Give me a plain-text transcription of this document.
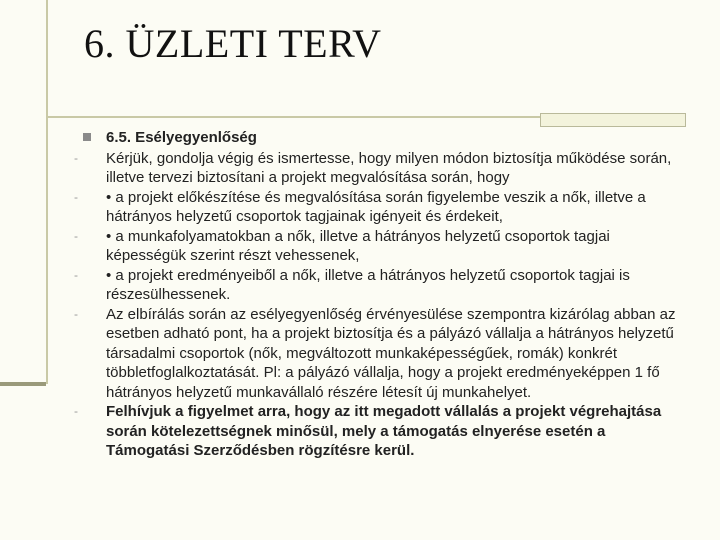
6. ÜZLETI TERV
6.5. Esélyegyenlőség
-	Kérjük, gondolja végig és ismertesse, hogy milyen módon biztosítja működése során, illetve tervezi biztosítani a projekt megvalósítása során, hogy
-	• a projekt előkészítése és megvalósítása során figyelembe veszik a nők, illetve a hátrányos helyzetű csoportok tagjainak igényeit és érdekeit,
-	• a munkafolyamatokban a nők, illetve a hátrányos helyzetű csoportok tagjai képességük szerint részt vehessenek,
-	• a projekt eredményeiből a nők, illetve a hátrányos helyzetű csoportok tagjai is részesülhessenek.
-	Az elbírálás során az esélyegyenlőség érvényesülése szempontra kizárólag abban az esetben adható pont, ha a projekt biztosítja és a pályázó vállalja a hátrányos helyzetű társadalmi csoportok (nők, megváltozott munkaképességűek, romák) konkrét többletfoglalkoztatását. Pl: a pályázó vállalja, hogy a projekt eredményeképpen 1 fő hátrányos helyzetű munkavállaló részére létesít új munkahelyet.
-	Felhívjuk a figyelmet arra, hogy az itt megadott vállalás a projekt végrehajtása során kötelezettségnek minősül, mely a támogatás elnyerése esetén a Támogatási Szerződésben rögzítésre kerül.
